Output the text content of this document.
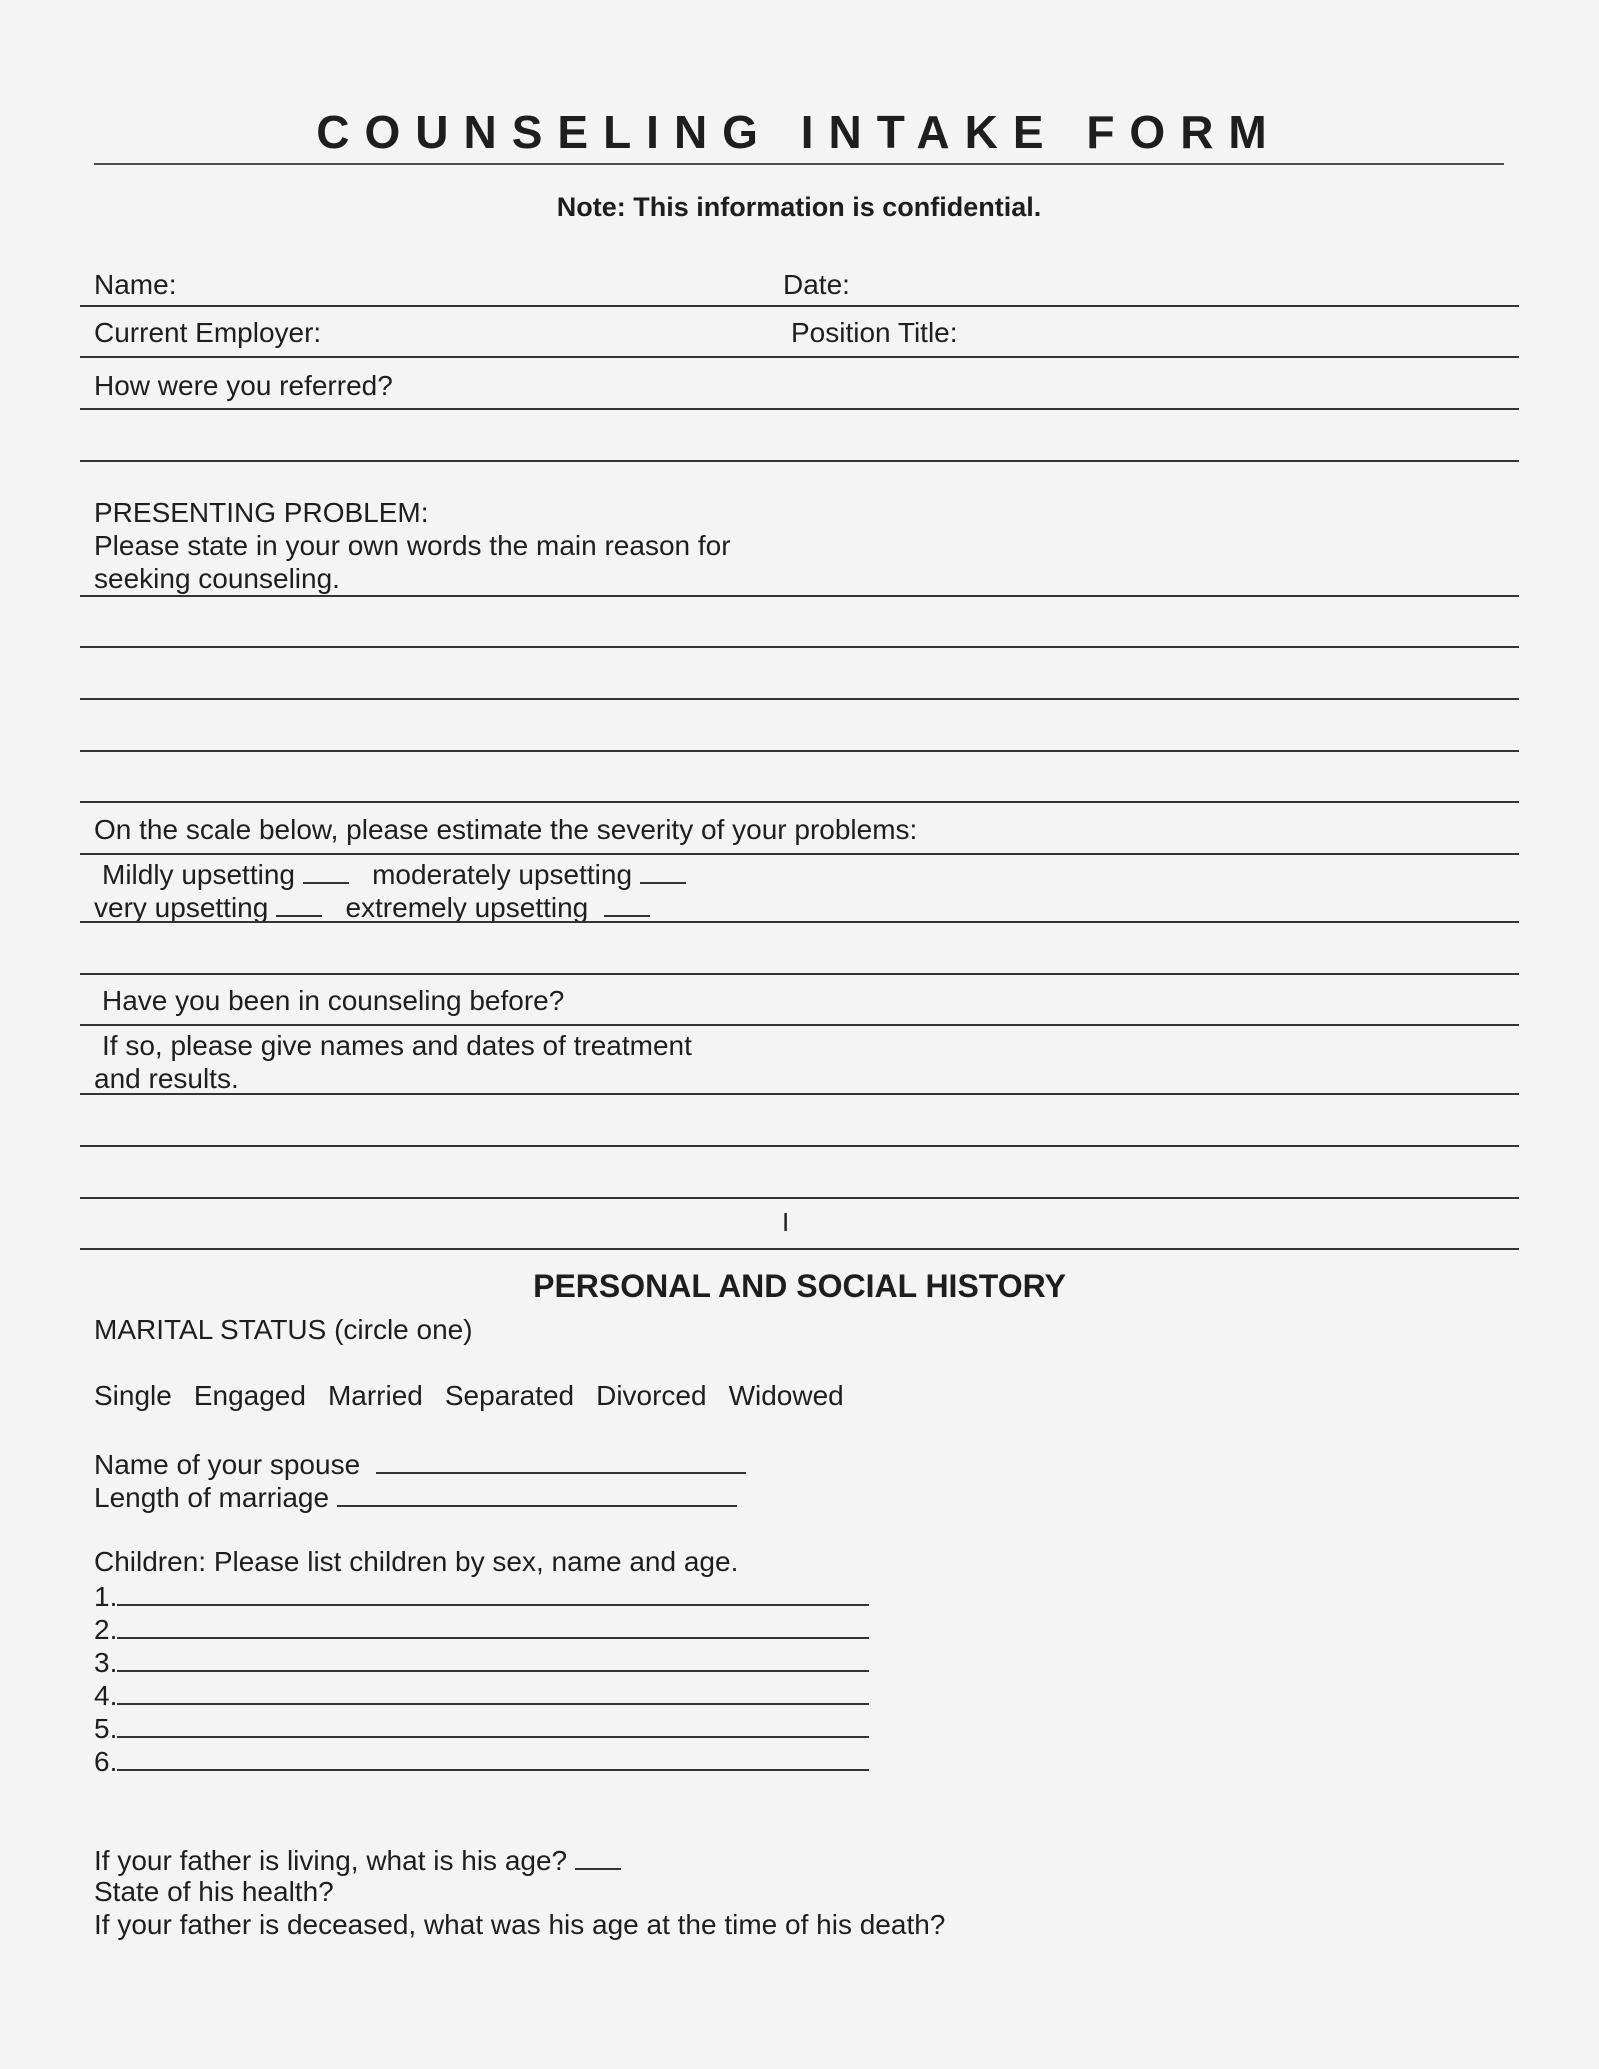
COUNSELING INTAKE FORM
Note: This information is confidential.
Name:	Date:
Current Employer:	Position Title:
How were you referred?
PRESENTING PROBLEM:
Please state in your own words the main reason for
seeking counseling.
On the scale below, please estimate the severity of your problems:
Mildly upsetting	moderately upsetting
very upsetting	extremely upsetting
Have you been in counseling before?
If so, please give names and dates of treatment
and results.
I
PERSONAL AND SOCIAL HISTORY
MARITAL STATUS (circle one)
Single Engaged Married Separated Divorced Widowed
Name of your spouse
Length of marriage
Children: Please list children by sex, name and age.
1.
2.
3.
4.
5.
6.
If your father is living, what is his age?
State of his health?
If your father is deceased, what was his age at the time of his death?
